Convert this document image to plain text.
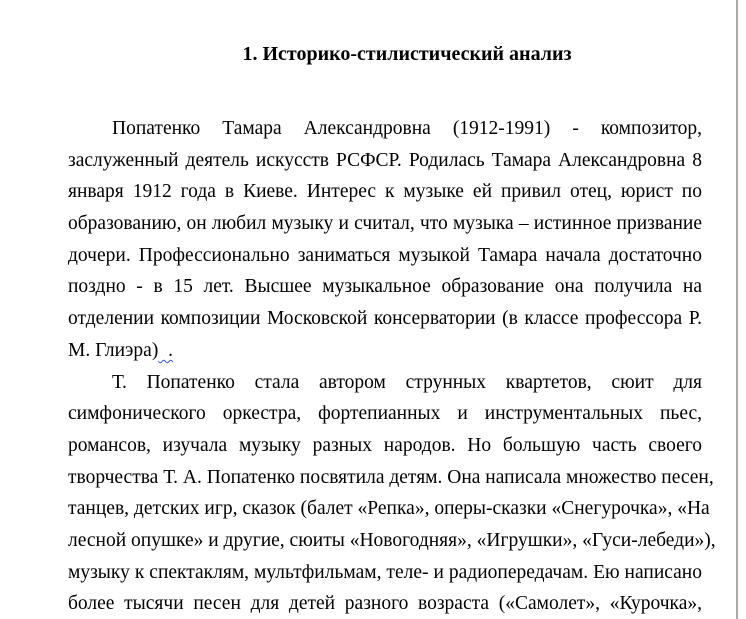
1. Историко-стилистический анализ
Попатенко Тамара Александровна (1912-1991) - композитор,
заслуженный деятель искусств РСФСР. Родилась Тамара Александровна 8
января 1912 года в Киеве. Интерес к музыке ей привил отец, юрист по
образованию, он любил музыку и считал, что музыка – истинное призвание
дочери. Профессионально заниматься музыкой Тамара начала достаточно
поздно - в 15 лет. Высшее музыкальное образование она получила на
отделении композиции Московской консерватории (в классе профессора Р.
М. Глиэра)  .
Т. Попатенко стала автором струнных квартетов, сюит для
симфонического оркестра, фортепианных и инструментальных пьес,
романсов, изучала музыку разных народов. Но большую часть своего
творчества Т. А. Попатенко посвятила детям. Она написала множество песен,
танцев, детских игр, сказок (балет «Репка», оперы-сказки «Снегурочка», «На
лесной опушке» и другие, сюиты «Новогодняя», «Игрушки», «Гуси-лебеди»),
музыку к спектаклям, мультфильмам, теле- и радиопередачам. Ею написано
более тысячи песен для детей разного возраста («Самолет», «Курочка»,
